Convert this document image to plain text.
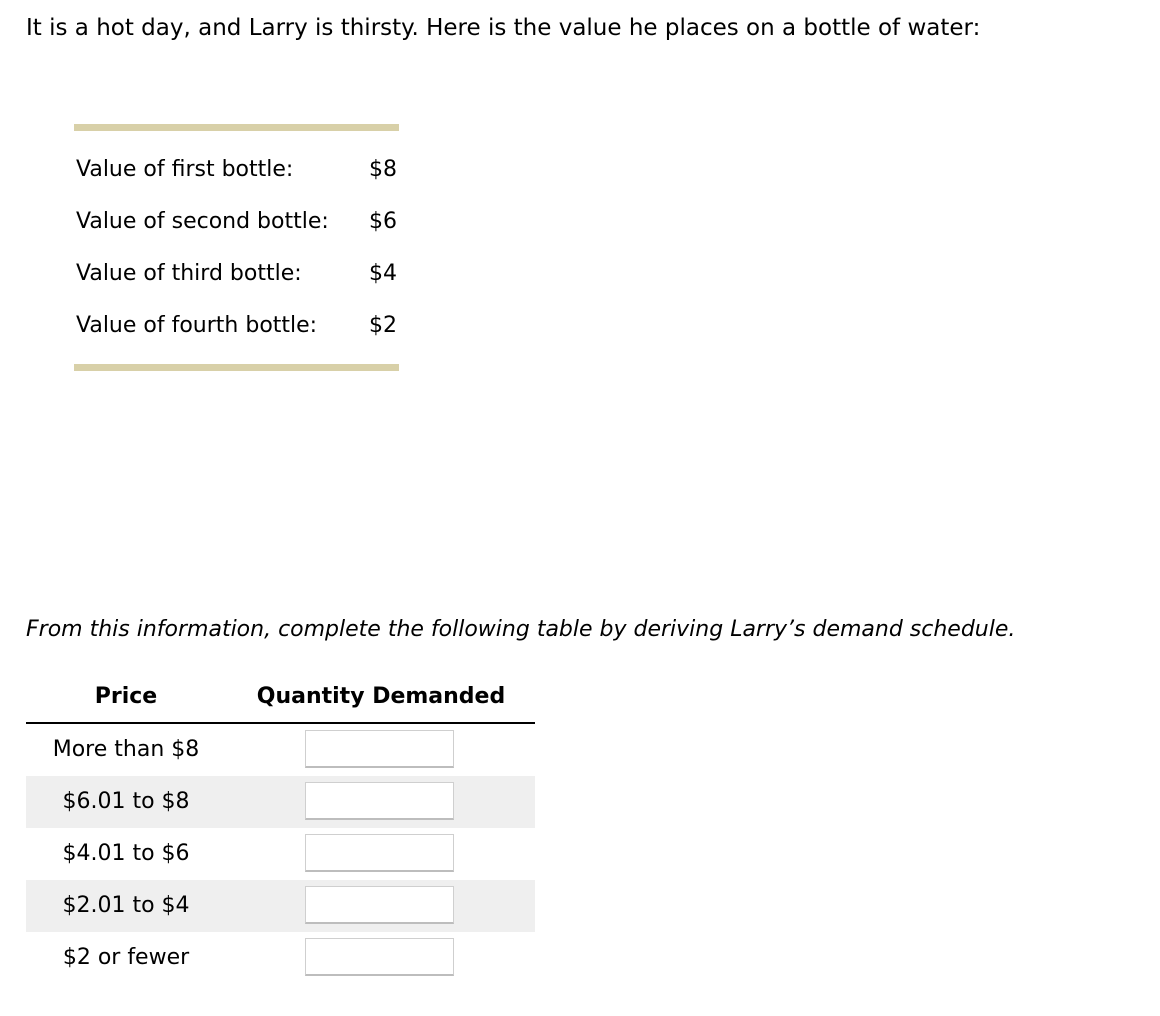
It is a hot day, and Larry is thirsty. Here is the value he places on a bottle of water:
Value of first bottle:	$8
Value of second bottle: $6
Value of third bottle:	$4
Value of fourth bottle: $2
From this information, complete the following table by deriving Larry’s demand schedule.
Price	Quantity Demanded
More than $8
$6.01 to $8
$4.01 to $6
$2.01 to $4
$2 or fewer
